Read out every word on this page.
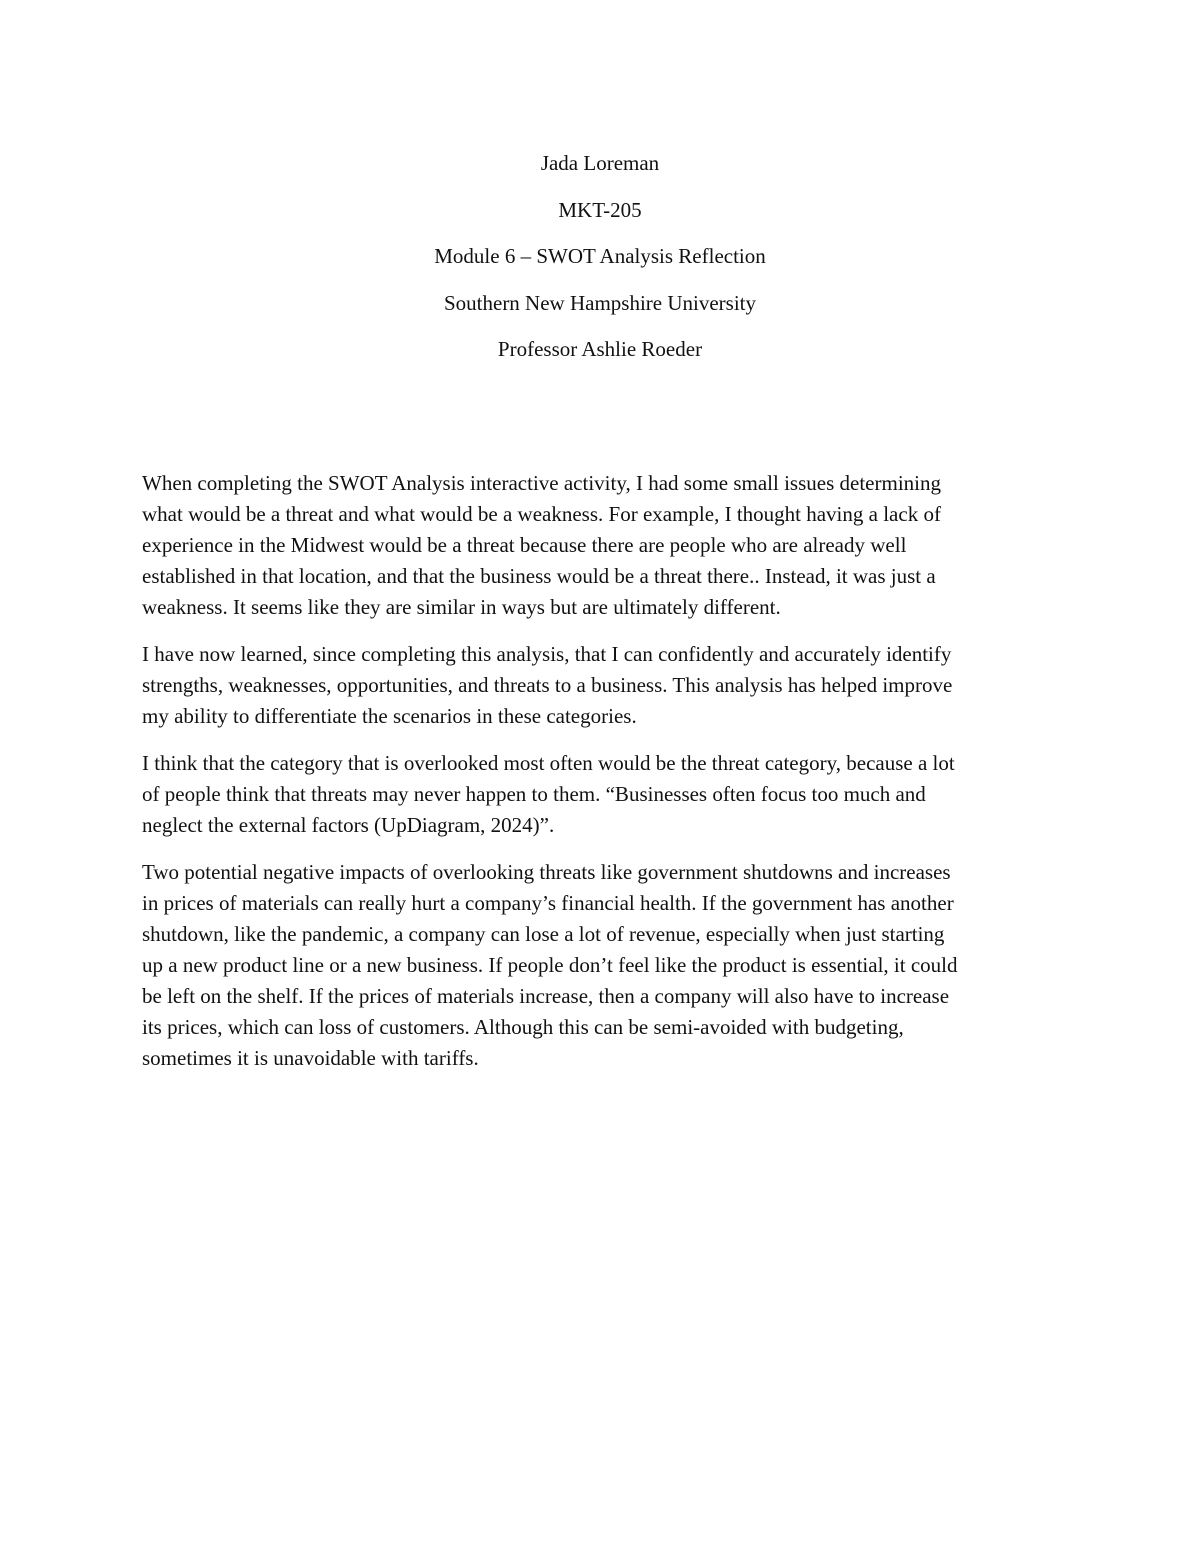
Jada Loreman
MKT-205
Module 6 – SWOT Analysis Reflection
Southern New Hampshire University
Professor Ashlie Roeder

When completing the SWOT Analysis interactive activity, I had some small issues determining
what would be a threat and what would be a weakness. For example, I thought having a lack of
experience in the Midwest would be a threat because there are people who are already well
established in that location, and that the business would be a threat there.. Instead, it was just a
weakness. It seems like they are similar in ways but are ultimately different.

I have now learned, since completing this analysis, that I can confidently and accurately identify
strengths, weaknesses, opportunities, and threats to a business. This analysis has helped improve
my ability to differentiate the scenarios in these categories.

I think that the category that is overlooked most often would be the threat category, because a lot
of people think that threats may never happen to them. “Businesses often focus too much and
neglect the external factors (UpDiagram, 2024)”.

Two potential negative impacts of overlooking threats like government shutdowns and increases
in prices of materials can really hurt a company’s financial health. If the government has another
shutdown, like the pandemic, a company can lose a lot of revenue, especially when just starting
up a new product line or a new business. If people don’t feel like the product is essential, it could
be left on the shelf. If the prices of materials increase, then a company will also have to increase
its prices, which can loss of customers. Although this can be semi-avoided with budgeting,
sometimes it is unavoidable with tariffs.
